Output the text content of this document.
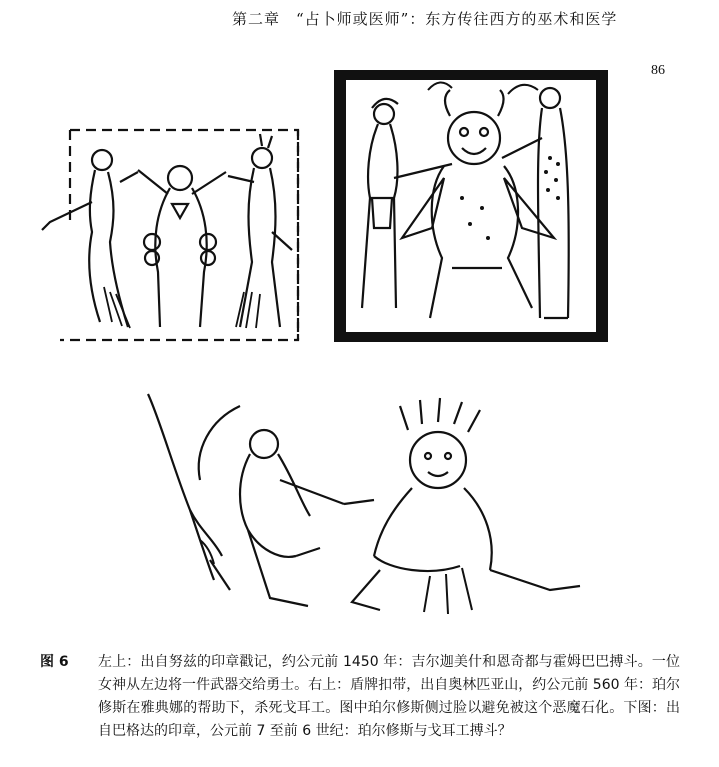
第二章　“占卜师或医师”：东方传往西方的巫术和医学
86
图 6	左上：出自努兹的印章戳记，约公元前 1450 年：吉尔迦美什和恩奇都与霍姆巴巴搏斗。一位女神从左边将一件武器交给勇士。右上：盾牌扣带，出自奥林匹亚山，约公元前 560 年：珀尔修斯在雅典娜的帮助下，杀死戈耳工。图中珀尔修斯侧过脸以避免被这个恶魔石化。下图：出自巴格达的印章，公元前 7 至前 6 世纪：珀尔修斯与戈耳工搏斗？
